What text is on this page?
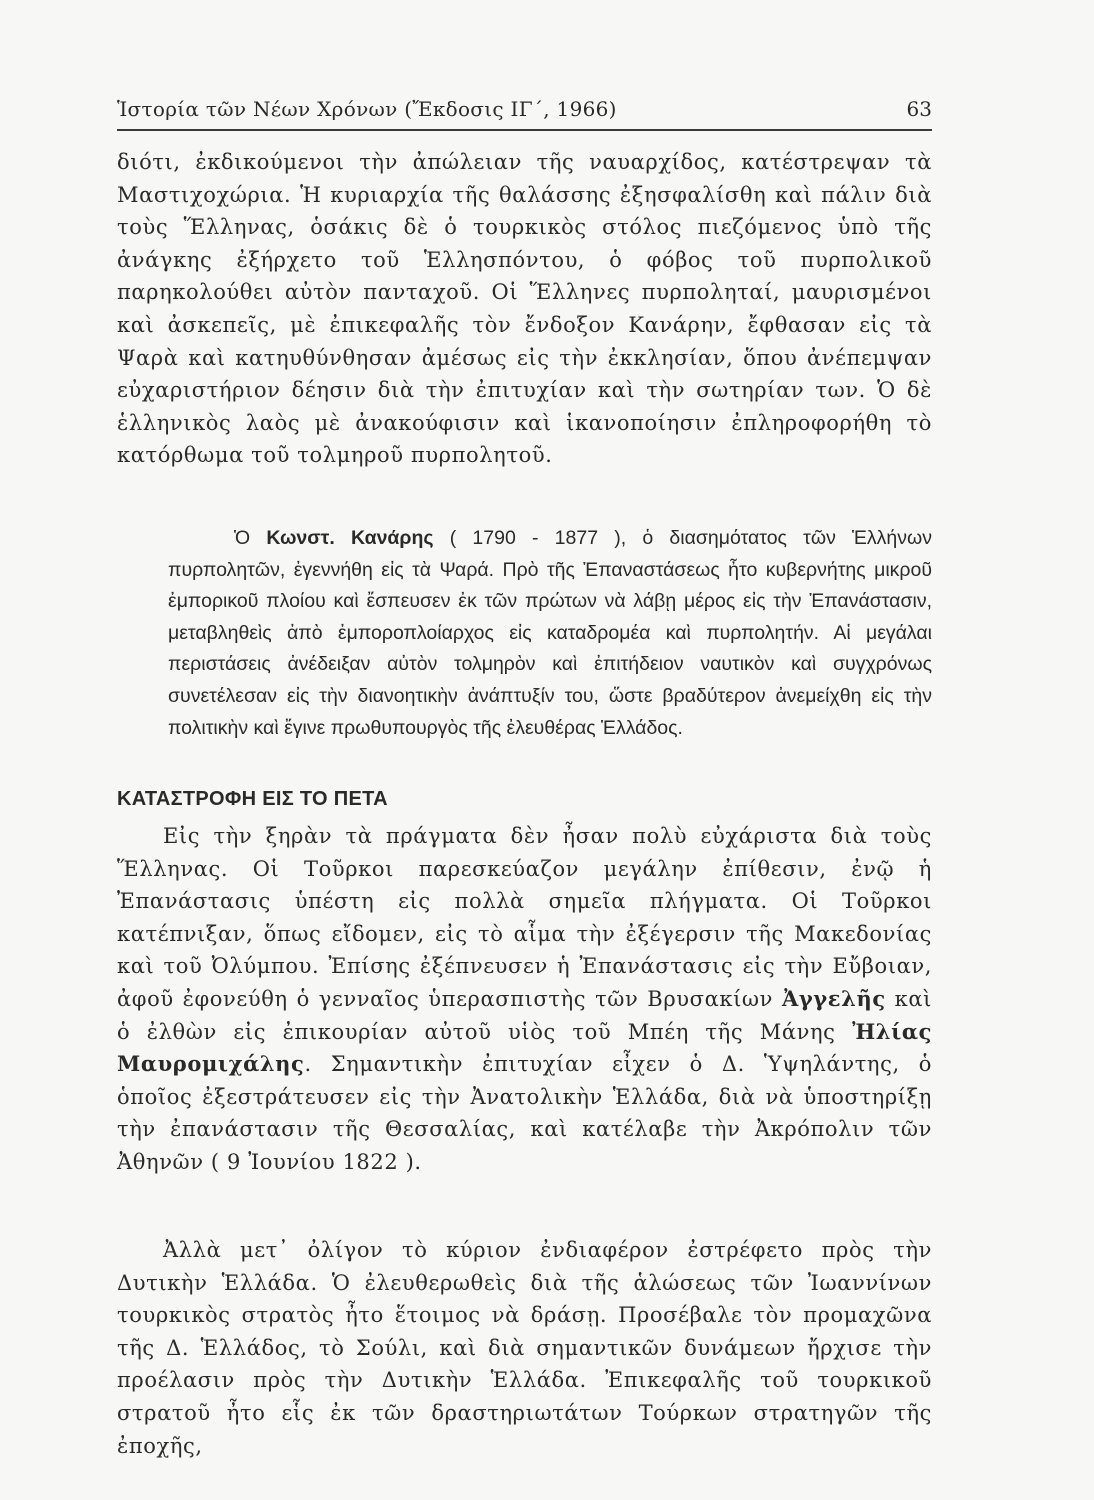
Ἱστορία τῶν Νέων Χρόνων (Ἔκδοσις ΙΓ΄, 1966)	63

διότι, ἐκδικούμενοι τὴν ἀπώλειαν τῆς ναυαρχίδος, κατέστρεψαν τὰ Μαστιχοχώρια. Ἡ κυριαρχία τῆς θαλάσσης ἐξησφαλίσθη καὶ πάλιν διὰ τοὺς Ἕλληνας, ὁσάκις δὲ ὁ τουρκικὸς στόλος πιεζόμενος ὑπὸ τῆς ἀνάγκης ἐξήρχετο τοῦ Ἑλλησπόντου, ὁ φόβος τοῦ πυρπολικοῦ παρηκολούθει αὐτὸν πανταχοῦ. Οἱ Ἕλληνες πυρποληταί, μαυρισμένοι καὶ ἀσκεπεῖς, μὲ ἐπικεφαλῆς τὸν ἔνδοξον Κανάρην, ἔφθασαν εἰς τὰ Ψαρὰ καὶ κατηυθύνθησαν ἀμέσως εἰς τὴν ἐκκλησίαν, ὅπου ἀνέπεμψαν εὐχαριστήριον δέησιν διὰ τὴν ἐπιτυχίαν καὶ τὴν σωτηρίαν των. Ὁ δὲ ἑλληνικὸς λαὸς μὲ ἀνακούφισιν καὶ ἱκανοποίησιν ἐπληροφορήθη τὸ κατόρθωμα τοῦ τολμηροῦ πυρπολητοῦ.

Ὁ Κωνστ. Κανάρης ( 1790 - 1877 ), ὁ διασημότατος τῶν Ἑλλήνων πυρπολητῶν, ἐγεννήθη εἰς τὰ Ψαρά. Πρὸ τῆς Ἐπαναστάσεως ἦτο κυβερνήτης μικροῦ ἐμπορικοῦ πλοίου καὶ ἔσπευσεν ἐκ τῶν πρώτων νὰ λάβῃ μέρος εἰς τὴν Ἐπανάστασιν, μεταβληθεὶς ἀπὸ ἐμποροπλοίαρχος εἰς καταδρομέα καὶ πυρπολητήν. Αἱ μεγάλαι περιστάσεις ἀνέδειξαν αὐτὸν τολμηρὸν καὶ ἐπιτήδειον ναυτικὸν καὶ συγχρόνως συνετέλεσαν εἰς τὴν διανοητικὴν ἀνάπτυξίν του, ὥστε βραδύτερον ἀνεμείχθη εἰς τὴν πολιτικὴν καὶ ἔγινε πρωθυπουργὸς τῆς ἐλευθέρας Ἑλλάδος.

ΚΑΤΑΣΤΡΟΦΗ ΕΙΣ ΤΟ ΠΕΤΑ

Εἰς τὴν ξηρὰν τὰ πράγματα δὲν ἦσαν πολὺ εὐχάριστα διὰ τοὺς Ἕλληνας. Οἱ Τοῦρκοι παρεσκεύαζον μεγάλην ἐπίθεσιν, ἐνῷ ἡ Ἐπανάστασις ὑπέστη εἰς πολλὰ σημεῖα πλήγματα. Οἱ Τοῦρκοι κατέπνιξαν, ὅπως εἴδομεν, εἰς τὸ αἷμα τὴν ἐξέγερσιν τῆς Μακεδονίας καὶ τοῦ Ὀλύμπου. Ἐπίσης ἐξέπνευσεν ἡ Ἐπανάστασις εἰς τὴν Εὔβοιαν, ἀφοῦ ἐφονεύθη ὁ γενναῖος ὑπερασπιστὴς τῶν Βρυσακίων Ἀγγελῆς καὶ ὁ ἐλθὼν εἰς ἐπικουρίαν αὐτοῦ υἱὸς τοῦ Μπέη τῆς Μάνης Ἠλίας Μαυρομιχάλης. Σημαντικὴν ἐπιτυχίαν εἶχεν ὁ Δ. Ὑψηλάντης, ὁ ὁποῖος ἐξεστράτευσεν εἰς τὴν Ἀνατολικὴν Ἑλλάδα, διὰ νὰ ὑποστηρίξῃ τὴν ἐπανάστασιν τῆς Θεσσαλίας, καὶ κατέλαβε τὴν Ἀκρόπολιν τῶν Ἀθηνῶν ( 9 Ἰουνίου 1822 ).

Ἀλλὰ μετ᾽ ὀλίγον τὸ κύριον ἐνδιαφέρον ἐστρέφετο πρὸς τὴν Δυτικὴν Ἑλλάδα. Ὁ ἐλευθερωθεὶς διὰ τῆς ἁλώσεως τῶν Ἰωαννίνων τουρκικὸς στρατὸς ἦτο ἕτοιμος νὰ δράσῃ. Προσέβαλε τὸν προμαχῶνα τῆς Δ. Ἑλλάδος, τὸ Σούλι, καὶ διὰ σημαντικῶν δυνάμεων ἤρχισε τὴν προέλασιν πρὸς τὴν Δυτικὴν Ἑλλάδα. Ἐπικεφαλῆς τοῦ τουρκικοῦ στρατοῦ ἦτο εἷς ἐκ τῶν δραστηριωτάτων Τούρκων στρατηγῶν τῆς ἐποχῆς,
